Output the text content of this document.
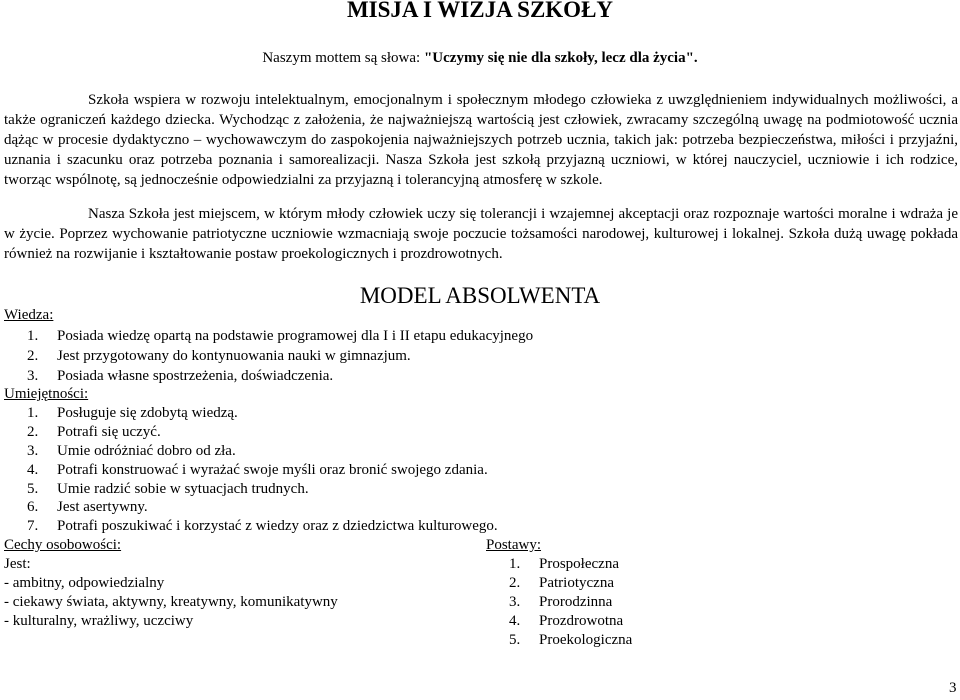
MISJA I WIZJA SZKOŁY
Naszym mottem są słowa: "Uczymy się nie dla szkoły, lecz dla życia".
Szkoła wspiera w rozwoju intelektualnym, emocjonalnym i społecznym młodego człowieka z uwzględnieniem indywidualnych możliwości, a także ograniczeń każdego dziecka. Wychodząc z założenia, że najważniejszą wartością jest człowiek, zwracamy szczególną uwagę na podmiotowość ucznia dążąc w procesie dydaktyczno – wychowawczym do zaspokojenia najważniejszych potrzeb ucznia, takich jak: potrzeba bezpieczeństwa, miłości i przyjaźni, uznania i szacunku oraz potrzeba poznania i samorealizacji. Nasza Szkoła jest szkołą przyjazną uczniowi, w której nauczyciel, uczniowie i ich rodzice, tworząc wspólnotę, są jednocześnie odpowiedzialni za przyjazną i tolerancyjną atmosferę w szkole.
Nasza Szkoła jest miejscem, w którym młody człowiek uczy się tolerancji i wzajemnej akceptacji oraz rozpoznaje wartości moralne i wdraża je w życie. Poprzez wychowanie patriotyczne uczniowie wzmacniają swoje poczucie tożsamości narodowej, kulturowej i lokalnej. Szkoła dużą uwagę pokłada również na rozwijanie i kształtowanie postaw proekologicznych i prozdrowotnych.
MODEL ABSOLWENTA
Wiedza:
1. Posiada wiedzę opartą na podstawie programowej dla I i II etapu edukacyjnego
2. Jest przygotowany do kontynuowania nauki w gimnazjum.
3. Posiada własne spostrzeżenia, doświadczenia.
Umiejętności:
1. Posługuje się zdobytą wiedzą.
2. Potrafi się uczyć.
3. Umie odróżniać dobro od zła.
4. Potrafi konstruować i wyrażać swoje myśli oraz bronić swojego zdania.
5. Umie radzić sobie w sytuacjach trudnych.
6. Jest asertywny.
7. Potrafi poszukiwać i korzystać z wiedzy oraz z dziedzictwa kulturowego.
Cechy osobowości:
Jest:
- ambitny, odpowiedzialny
- ciekawy świata, aktywny, kreatywny, komunikatywny
- kulturalny, wrażliwy, uczciwy
Postawy:
1. Prospołeczna
2. Patriotyczna
3. Prorodzinna
4. Prozdrowotna
5. Proekologiczna
3
